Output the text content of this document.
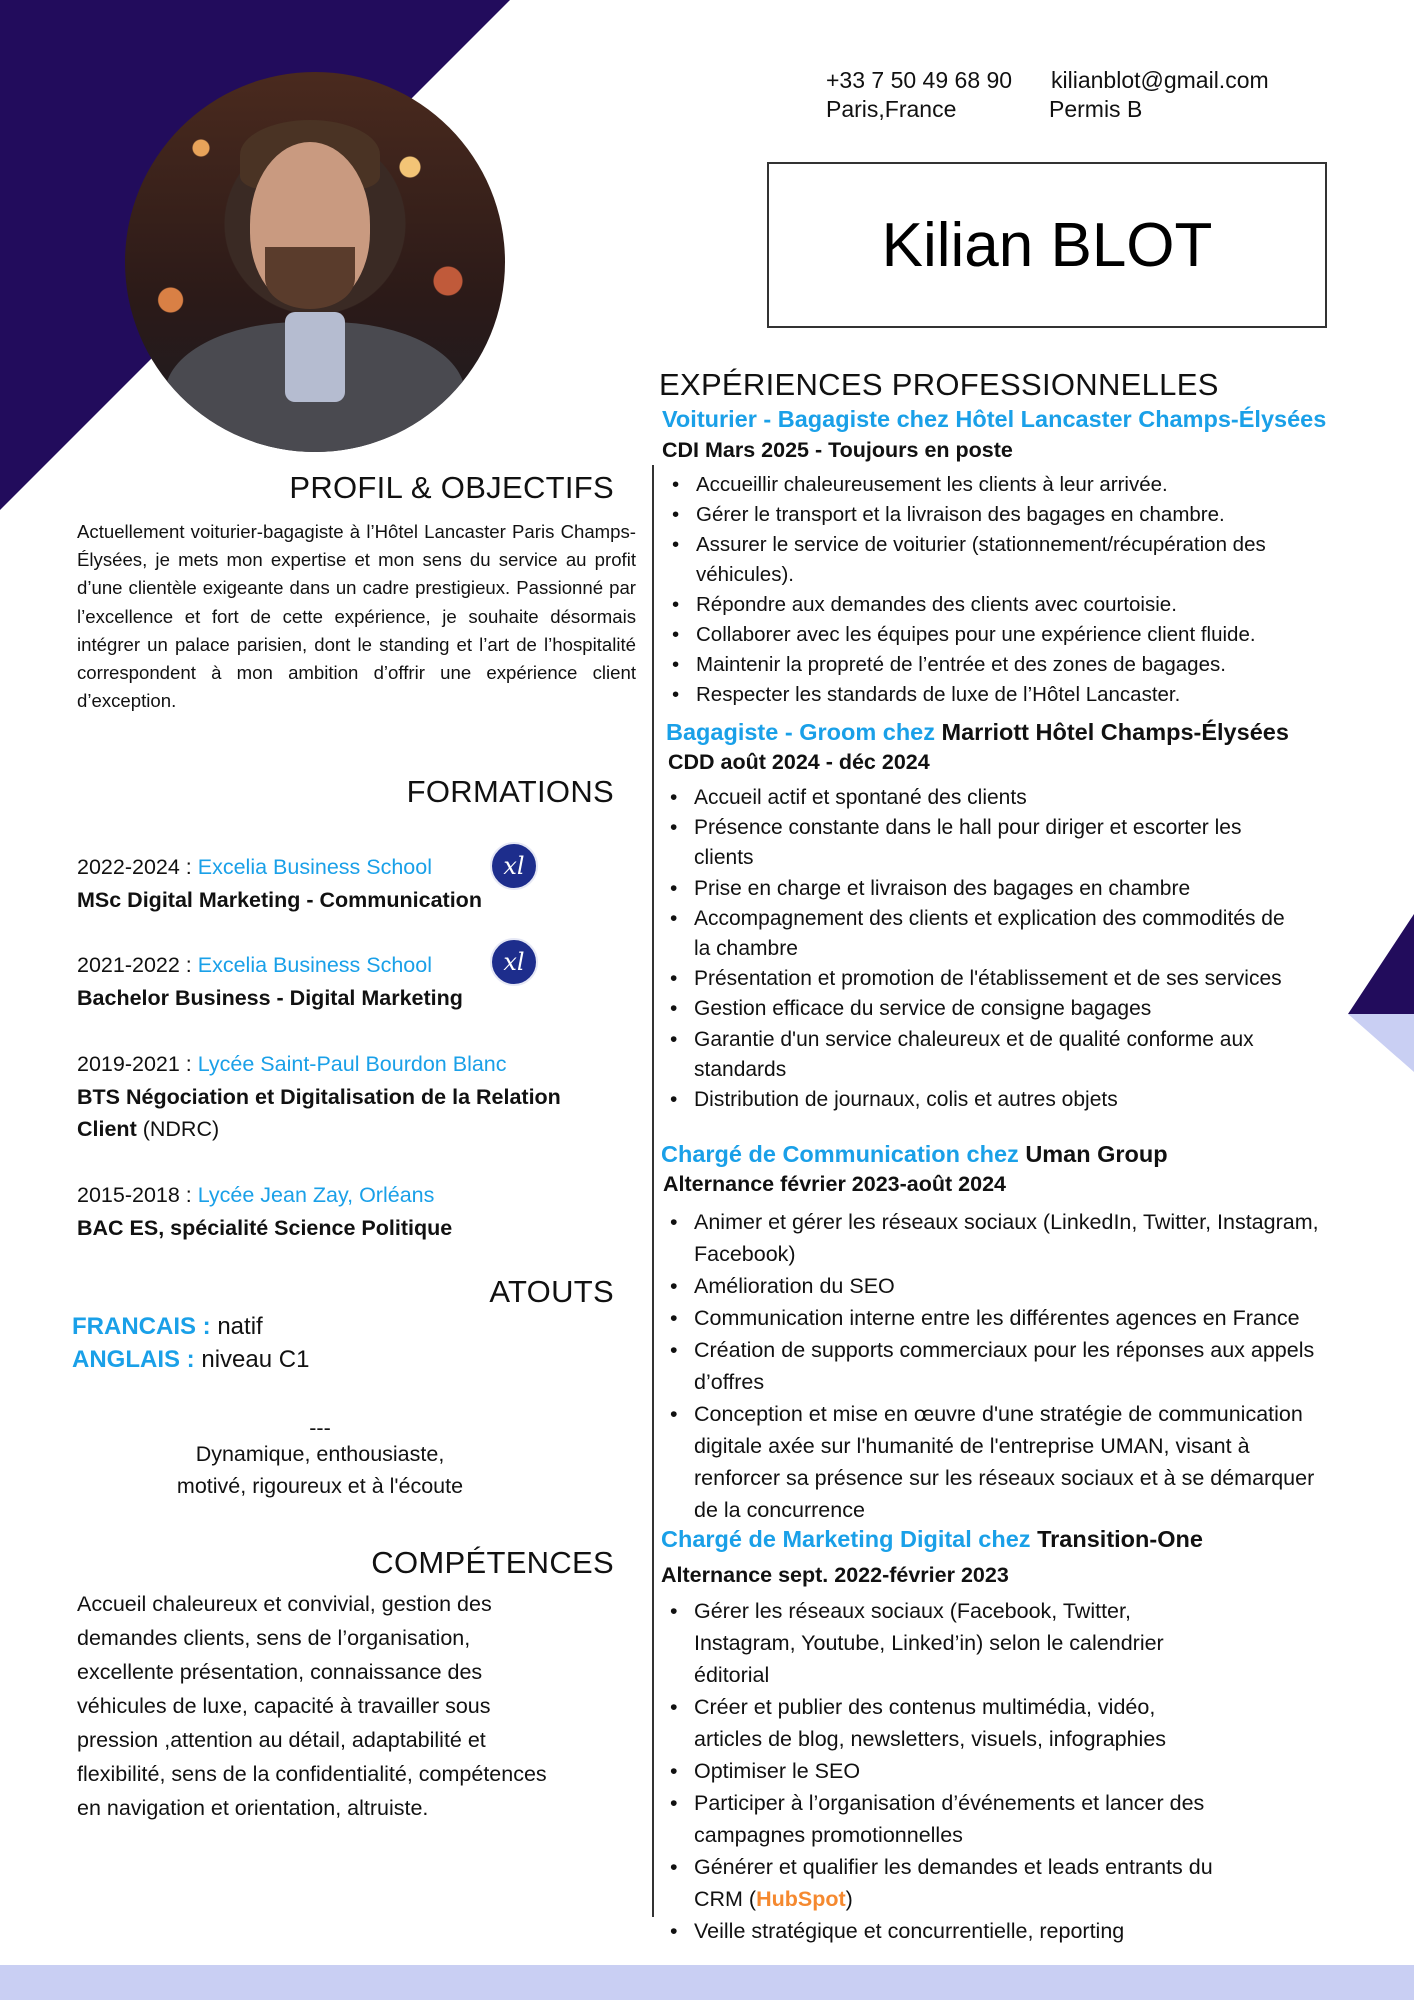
+33 7 50 49 68 90 kilianblot@gmail.com
Paris,France	Permis B
Kilian BLOT
PROFIL & OBJECTIFS
Actuellement voiturier-bagagiste à l’Hôtel Lancaster Paris Champs-Élysées, je mets mon expertise et mon sens du service au profit d’une clientèle exigeante dans un cadre prestigieux. Passionné par l’excellence et fort de cette expérience, je souhaite désormais intégrer un palace parisien, dont le standing et l’art de l’hospitalité correspondent à mon ambition d’offrir une expérience client d’exception.
FORMATIONS
2022-2024 : Excelia Business School	xl
MSc Digital Marketing - Communication
2021-2022 : Excelia Business School	xl
Bachelor Business - Digital Marketing
2019-2021 : Lycée Saint-Paul Bourdon Blanc
BTS Négociation et Digitalisation de la Relation
Client (NDRC)
2015-2018 : Lycée Jean Zay, Orléans
BAC ES, spécialité Science Politique
ATOUTS
FRANCAIS : natif
ANGLAIS : niveau C1
---
Dynamique, enthousiaste,
motivé, rigoureux et à l'écoute
COMPÉTENCES
Accueil chaleureux et convivial, gestion des
demandes clients, sens de l’organisation,
excellente présentation, connaissance des
véhicules de luxe, capacité à travailler sous
pression ,attention au détail, adaptabilité et
flexibilité, sens de la confidentialité, compétences
en navigation et orientation, altruiste.
EXPÉRIENCES PROFESSIONNELLES
Voiturier - Bagagiste chez Hôtel Lancaster Champs-Élysées
CDI Mars 2025 - Toujours en poste
• Accueillir chaleureusement les clients à leur arrivée.
• Gérer le transport et la livraison des bagages en chambre.
• Assurer le service de voiturier (stationnement/récupération des
véhicules).
• Répondre aux demandes des clients avec courtoisie.
• Collaborer avec les équipes pour une expérience client fluide.
• Maintenir la propreté de l’entrée et des zones de bagages.
• Respecter les standards de luxe de l’Hôtel Lancaster.
Bagagiste - Groom chez Marriott Hôtel Champs-Élysées
CDD août 2024 - déc 2024
• Accueil actif et spontané des clients
• Présence constante dans le hall pour diriger et escorter les
clients
• Prise en charge et livraison des bagages en chambre
• Accompagnement des clients et explication des commodités de
la chambre
• Présentation et promotion de l'établissement et de ses services
• Gestion efficace du service de consigne bagages
• Garantie d'un service chaleureux et de qualité conforme aux
standards
• Distribution de journaux, colis et autres objets
Chargé de Communication chez Uman Group
Alternance février 2023-août 2024
• Animer et gérer les réseaux sociaux (LinkedIn, Twitter, Instagram,
Facebook)
• Amélioration du SEO
• Communication interne entre les différentes agences en France
• Création de supports commerciaux pour les réponses aux appels
d’offres
• Conception et mise en œuvre d'une stratégie de communication
digitale axée sur l'humanité de l'entreprise UMAN, visant à
renforcer sa présence sur les réseaux sociaux et à se démarquer
de la concurrence
Chargé de Marketing Digital chez Transition-One
Alternance sept. 2022-février 2023
• Gérer les réseaux sociaux (Facebook, Twitter,
Instagram, Youtube, Linked’in) selon le calendrier
éditorial
• Créer et publier des contenus multimédia, vidéo,
articles de blog, newsletters, visuels, infographies
• Optimiser le SEO
• Participer à l’organisation d’événements et lancer des
campagnes promotionnelles
• Générer et qualifier les demandes et leads entrants du
CRM (HubSpot)
• Veille stratégique et concurrentielle, reporting
